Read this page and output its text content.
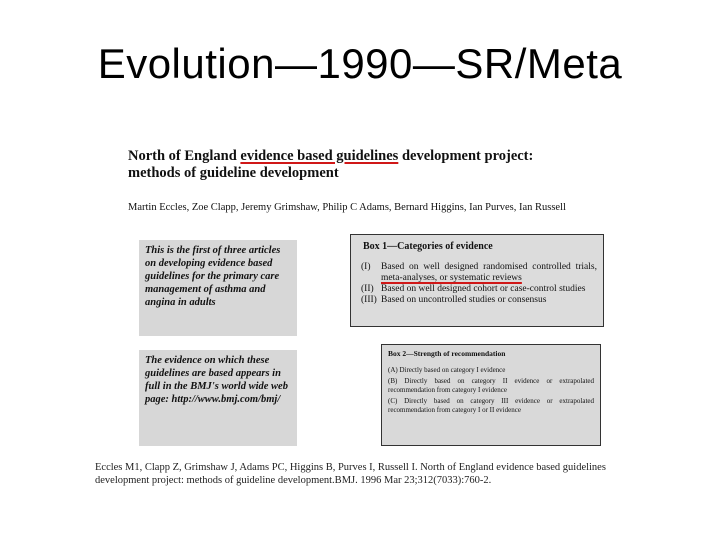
Evolution—1990—SR/Meta
North of England evidence based guidelines development project:
methods of guideline development
Martin Eccles, Zoe Clapp, Jeremy Grimshaw, Philip C Adams, Bernard Higgins, Ian Purves, Ian Russell
This is the first of three articles on developing evidence based guidelines for the primary care management of asthma and angina in adults
The evidence on which these guidelines are based appears in full in the BMJ's world wide web page: http://www.bmj.com/bmj/
Box 1—Categories of evidence
(I)	Based on well designed randomised controlled trials, meta-analyses, or systematic reviews
(II) Based on well designed cohort or case-control studies
(III) Based on uncontrolled studies or consensus
Box 2—Strength of recommendation
(A) Directly based on category I evidence
(B) Directly based on category II evidence or extrapolated recommendation from category I evidence
(C) Directly based on category III evidence or extrapolated recommendation from category I or II evidence
Eccles M1, Clapp Z, Grimshaw J, Adams PC, Higgins B, Purves I, Russell I. North of England evidence based guidelines development project: methods of guideline development.BMJ. 1996 Mar 23;312(7033):760-2.
